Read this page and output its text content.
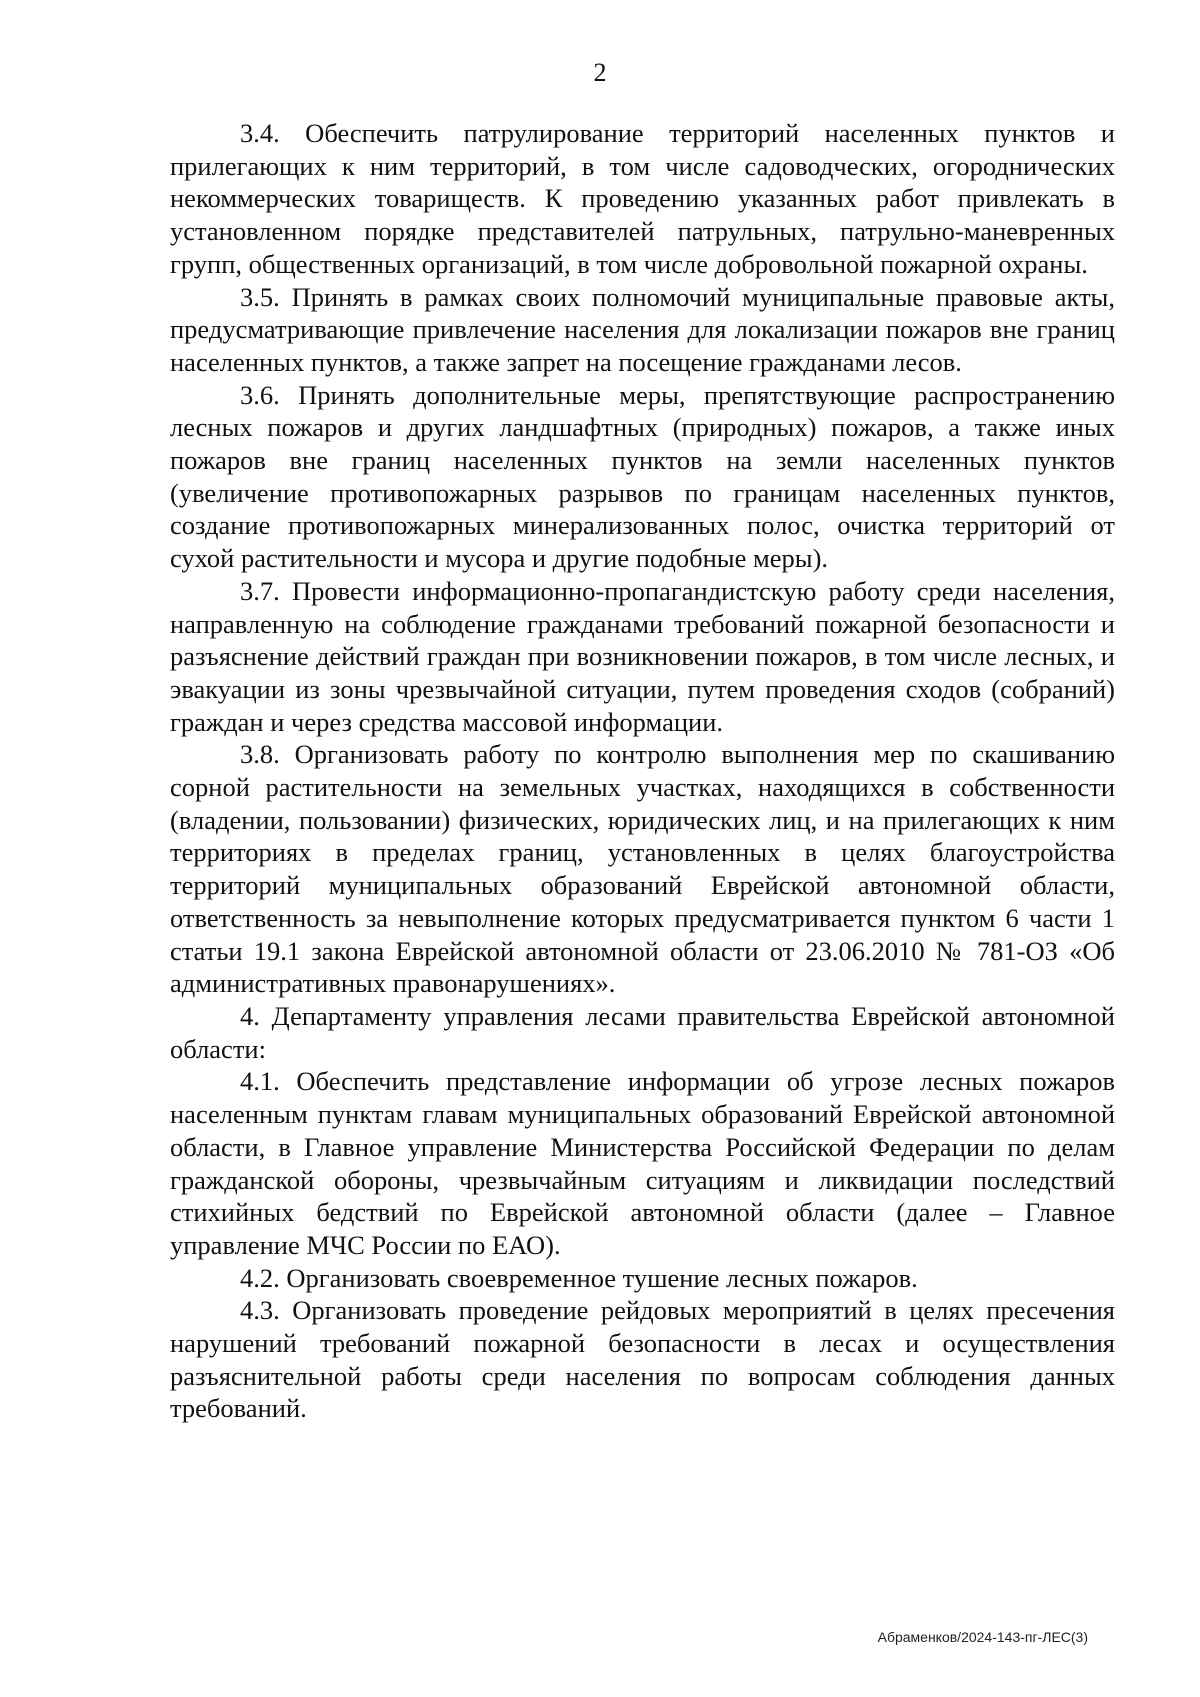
2

3.4. Обеспечить патрулирование территорий населенных пунктов и прилегающих к ним территорий, в том числе садоводческих, огороднических некоммерческих товариществ. К проведению указанных работ привлекать в установленном порядке представителей патрульных, патрульно-маневренных групп, общественных организаций, в том числе добровольной пожарной охраны.

3.5. Принять в рамках своих полномочий муниципальные правовые акты, предусматривающие привлечение населения для локализации пожаров вне границ населенных пунктов, а также запрет на посещение гражданами лесов.

3.6. Принять дополнительные меры, препятствующие распространению лесных пожаров и других ландшафтных (природных) пожаров, а также иных пожаров вне границ населенных пунктов на земли населенных пунктов (увеличение противопожарных разрывов по границам населенных пунктов, создание противопожарных минерализованных полос, очистка территорий от сухой растительности и мусора и другие подобные меры).

3.7. Провести информационно-пропагандистскую работу среди населения, направленную на соблюдение гражданами требований пожарной безопасности и разъяснение действий граждан при возникновении пожаров, в том числе лесных, и эвакуации из зоны чрезвычайной ситуации, путем проведения сходов (собраний) граждан и через средства массовой информации.

3.8. Организовать работу по контролю выполнения мер по скашиванию сорной растительности на земельных участках, находящихся в собственности (владении, пользовании) физических, юридических лиц, и на прилегающих к ним территориях в пределах границ, установленных в целях благоустройства территорий муниципальных образований Еврейской автономной области, ответственность за невыполнение которых предусматривается пунктом 6 части 1 статьи 19.1 закона Еврейской автономной области от 23.06.2010 № 781-ОЗ «Об административных правонарушениях».

4. Департаменту управления лесами правительства Еврейской автономной области:

4.1. Обеспечить представление информации об угрозе лесных пожаров населенным пунктам главам муниципальных образований Еврейской автономной области, в Главное управление Министерства Российской Федерации по делам гражданской обороны, чрезвычайным ситуациям и ликвидации последствий стихийных бедствий по Еврейской автономной области (далее – Главное управление МЧС России по ЕАО).

4.2. Организовать своевременное тушение лесных пожаров.

4.3. Организовать проведение рейдовых мероприятий в целях пресечения нарушений требований пожарной безопасности в лесах и осуществления разъяснительной работы среди населения по вопросам соблюдения данных требований.

Абраменков/2024-143-пг-ЛЕС(3)
